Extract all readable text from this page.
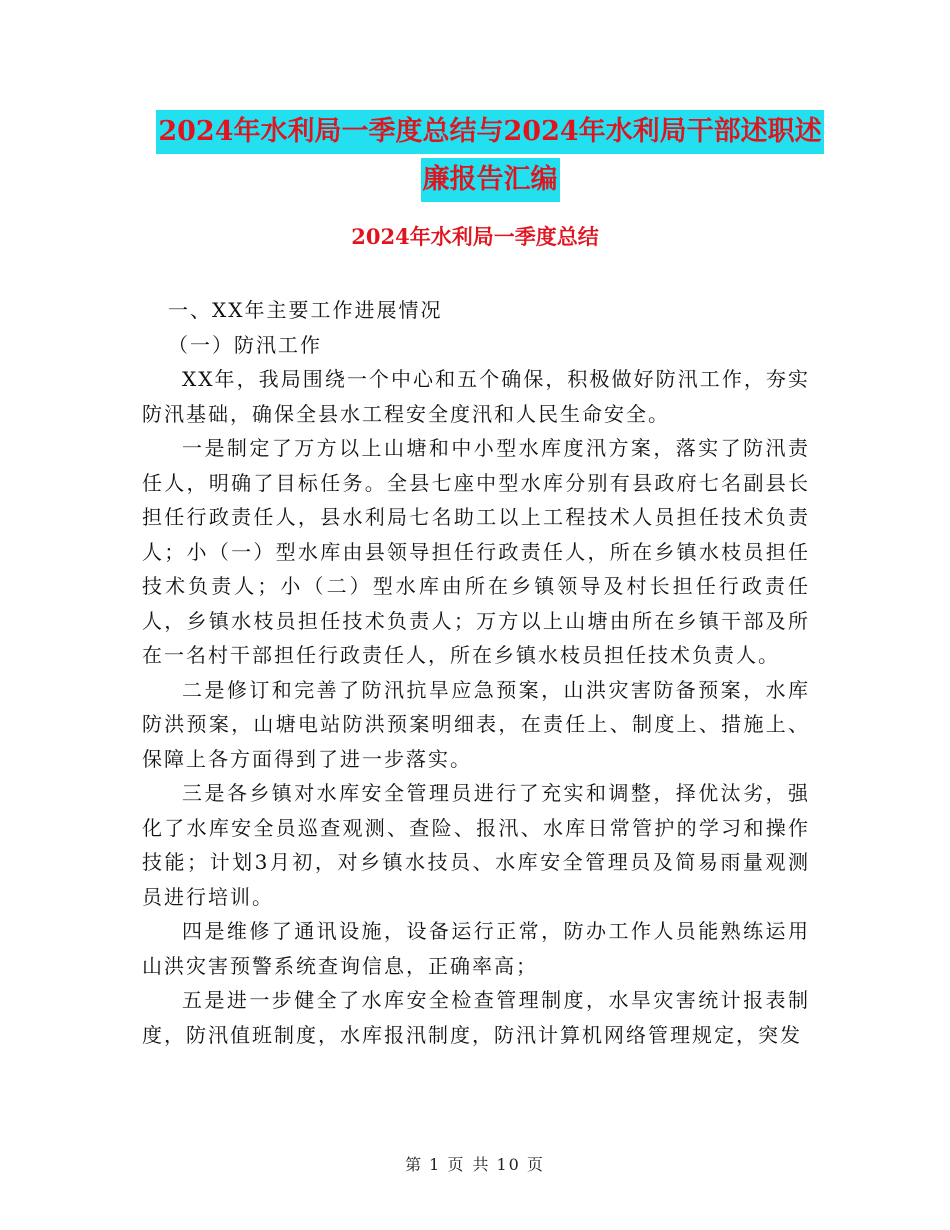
2024年水利局一季度总结与2024年水利局干部述职述
廉报告汇编
2024年水利局一季度总结

一、XX年主要工作进展情况

（一）防汛工作

XX年，我局围绕一个中心和五个确保，积极做好防汛工作，夯实防汛基础，确保全县水工程安全度汛和人民生命安全。

一是制定了万方以上山塘和中小型水库度汛方案，落实了防汛责任人，明确了目标任务。全县七座中型水库分别有县政府七名副县长担任行政责任人，县水利局七名助工以上工程技术人员担任技术负责人；小（一）型水库由县领导担任行政责任人，所在乡镇水枝员担任技术负责人；小（二）型水库由所在乡镇领导及村长担任行政责任人，乡镇水枝员担任技术负责人；万方以上山塘由所在乡镇干部及所在一名村干部担任行政责任人，所在乡镇水枝员担任技术负责人。

二是修订和完善了防汛抗旱应急预案，山洪灾害防备预案，水库防洪预案，山塘电站防洪预案明细表，在责任上、制度上、措施上、保障上各方面得到了进一步落实。

三是各乡镇对水库安全管理员进行了充实和调整，择优汰劣，强化了水库安全员巡查观测、查险、报汛、水库日常管护的学习和操作技能；计划3月初，对乡镇水技员、水库安全管理员及简易雨量观测员进行培训。

四是维修了通讯设施，设备运行正常，防办工作人员能熟练运用山洪灾害预警系统查询信息，正确率高；

五是进一步健全了水库安全检查管理制度，水旱灾害统计报表制度，防汛值班制度，水库报汛制度，防汛计算机网络管理规定，突发

第 1 页 共 10 页
